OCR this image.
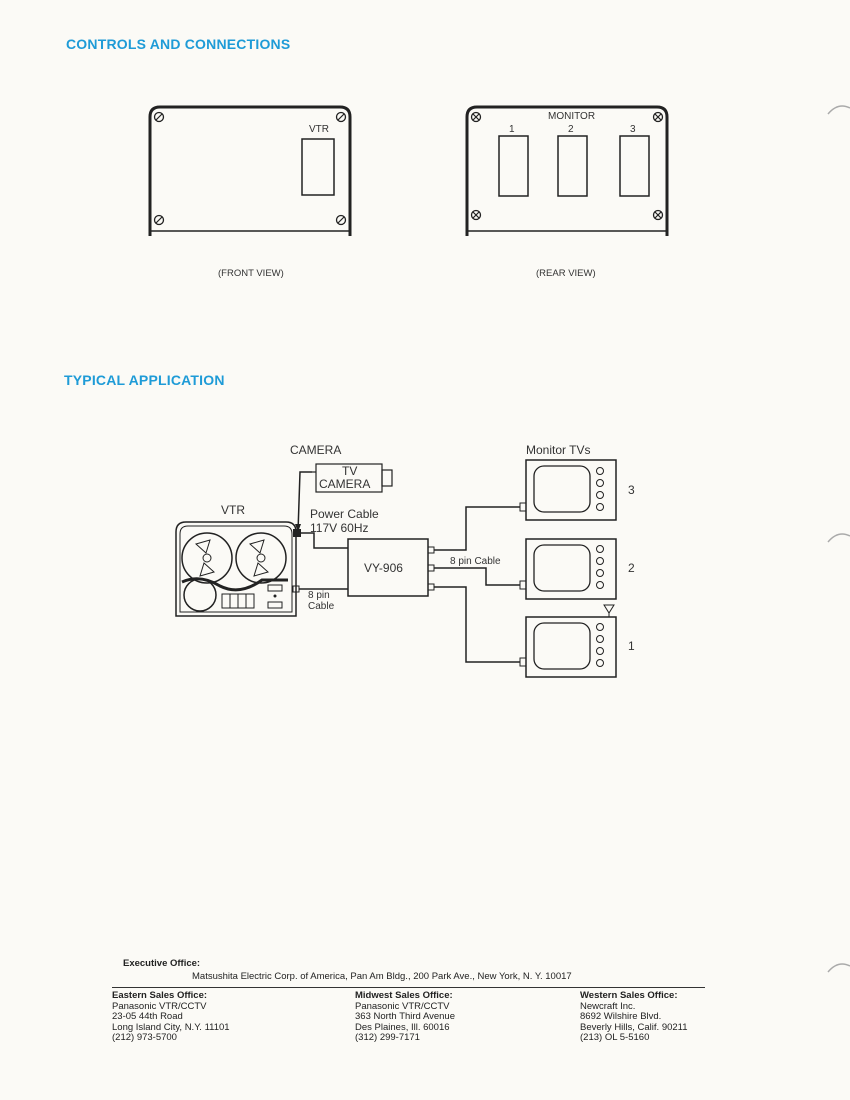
CONTROLS AND CONNECTIONS
TYPICAL APPLICATION
VTR
(FRONT VIEW)
MONITOR
1	2	3
(REAR VIEW)
CAMERA
TV
CAMERA
VTR	Power Cable
117V 60Hz
8 pin
Cable
VY-906	8 pin Cable
Monitor TVs
3
2
1
Executive Office:
Matsushita Electric Corp. of America, Pan Am Bldg., 200 Park Ave., New York, N. Y. 10017
Eastern Sales Office:
Panasonic VTR/CCTV
23-05 44th Road
Long Island City, N.Y. 11101
(212) 973-5700
Midwest Sales Office:
Panasonic VTR/CCTV
363 North Third Avenue
Des Plaines, Ill. 60016
(312) 299-7171
Western Sales Office:
Newcraft Inc.
8692 Wilshire Blvd.
Beverly Hills, Calif. 90211
(213) OL 5-5160
